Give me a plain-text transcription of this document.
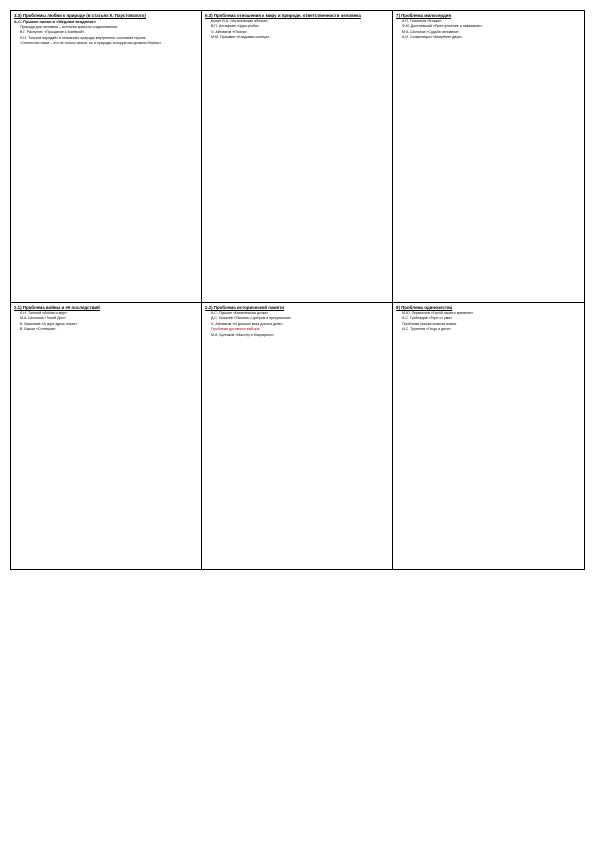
3.3) Проблемы любви к природе (в статьях К. Паустовского)
А.С. Пушкин писал в «Медном всаднике»
Природа для человека – источник красоты и вдохновения.
В.Г. Распутин: «Прощание с Матёрой».
Л.Н. Толстой передаёт в описаниях природы внутреннее состояние героев.
«Отечество наше – это не только земля, но и природа, которую мы должны беречь».
6.3) Проблема отношения к миру и природе, ответственности человека
Бунин И.А. «Антоновские яблоки».
В.П. Астафьев «Царь-рыба».
Ч. Айтматов «Плаха».
М.М. Пришвин «Кладовая солнца».
7) Проблема милосердия
А.П. Платонов «Юшка».
Ф.М. Достоевский «Преступление и наказание».
М.А. Шолохов «Судьба человека».
А.И. Солженицын «Матрёнин двор».
2.1) Проблема войны и её последствий
Л.Н. Толстой «Война и мир».
М.А. Шолохов «Тихий Дон».
Б. Васильев «А зори здесь тихие».
В. Быков «Сотников».
2.2) Проблема исторической памяти
А.С. Пушкин «Капитанская дочка».
Д.С. Лихачёв «Письма о добром и прекрасном».
Ч. Айтматов «И дольше века длится день».
Проблема духовного выбора.
М.А. Булгаков «Мастер и Маргарита».
8) Проблема одиночества
М.Ю. Лермонтов «Герой нашего времени».
А.С. Грибоедов «Горе от ума».
Проблема поиска смысла жизни.
И.С. Тургенев «Отцы и дети».
